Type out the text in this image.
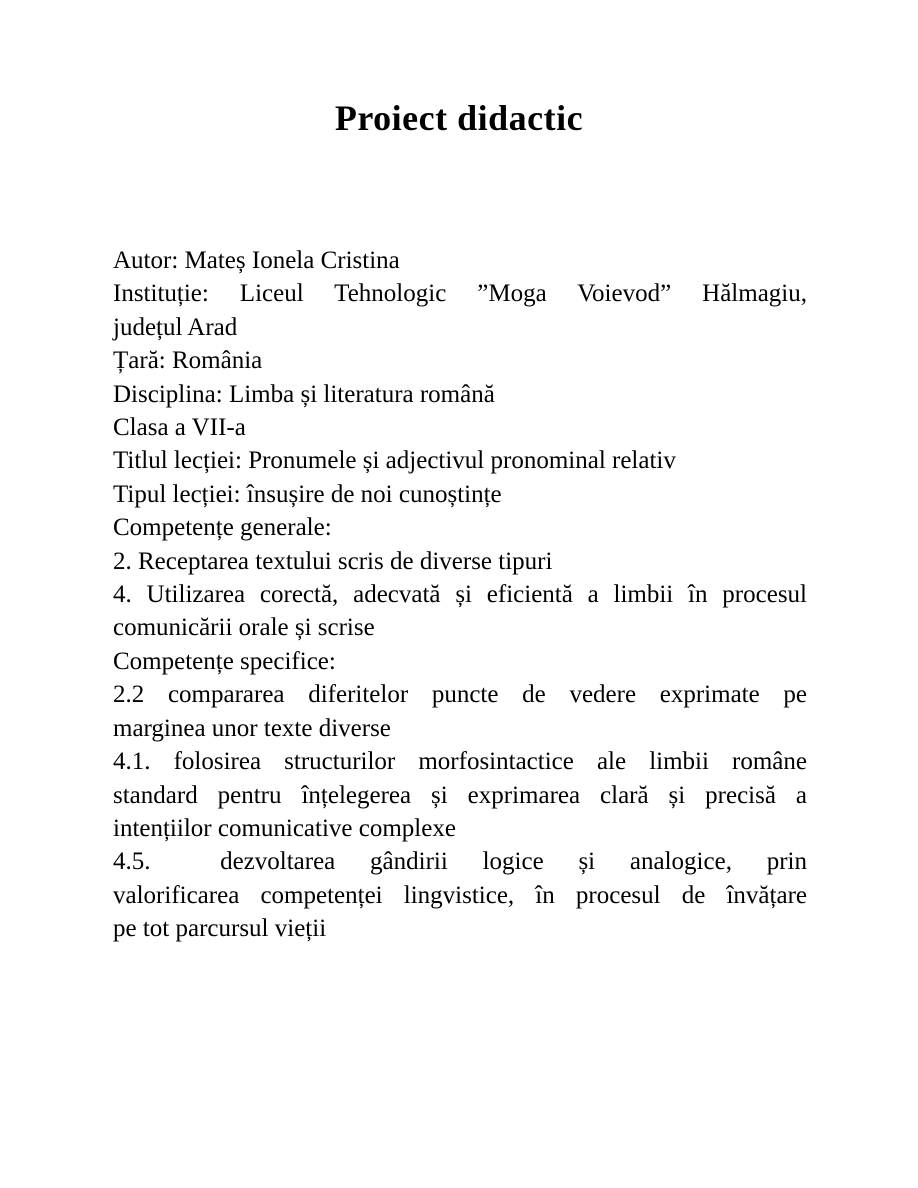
Proiect didactic
Autor: Mateș Ionela Cristina
Instituție: Liceul Tehnologic ”Moga Voievod” Hălmagiu,
județul Arad
Țară: România
Disciplina: Limba și literatura română
Clasa a VII-a
Titlul lecției: Pronumele și adjectivul pronominal relativ
Tipul lecției: însușire de noi cunoștințe
Competențe generale:
2. Receptarea textului scris de diverse tipuri
4. Utilizarea corectă, adecvată și eficientă a limbii în procesul
comunicării orale și scrise
Competențe specifice:
2.2 compararea diferitelor puncte de vedere exprimate pe
marginea unor texte diverse
4.1. folosirea structurilor morfosintactice ale limbii române
standard pentru înțelegerea și exprimarea clară și precisă a
intențiilor comunicative complexe
4.5.  dezvoltarea gândirii logice și analogice, prin
valorificarea competenței lingvistice, în procesul de învățare
pe tot parcursul vieții
